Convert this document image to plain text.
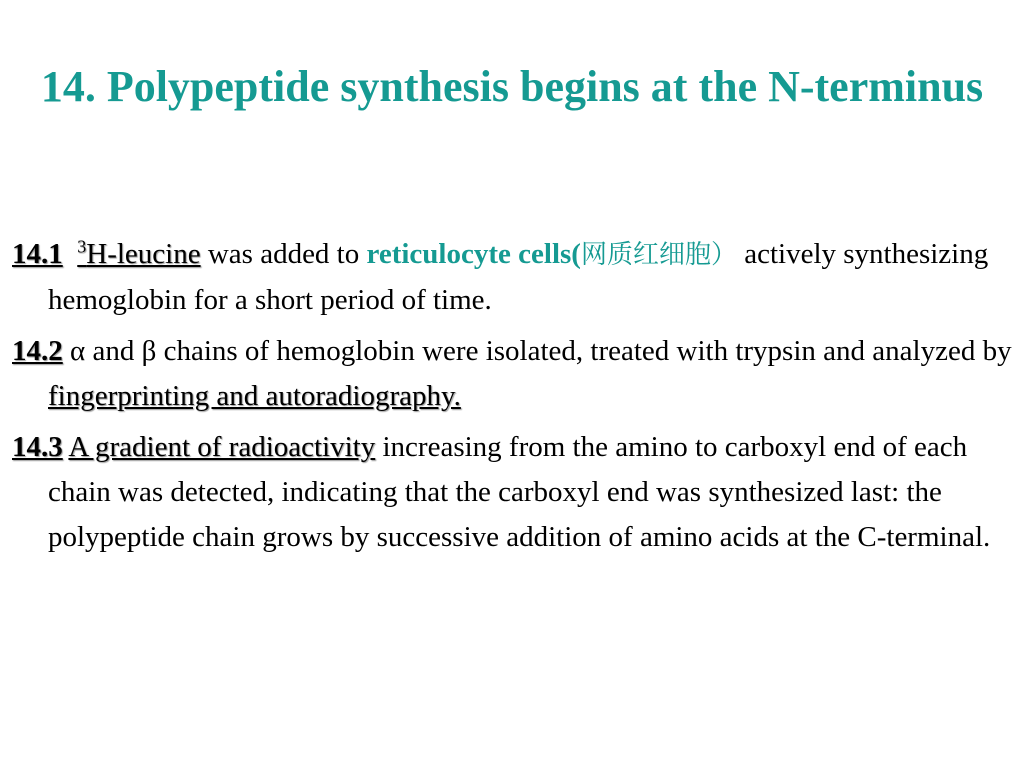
14. Polypeptide synthesis begins at the N-terminus

14.1 $^3$H-leucine was added to reticulocyte cells(网质红细胞） actively synthesizing hemoglobin for a short period of time.

14.2 α and β chains of hemoglobin were isolated, treated with trypsin and analyzed by fingerprinting and autoradiography.

14.3 A gradient of radioactivity increasing from the amino to carboxyl end of each chain was detected, indicating that the carboxyl end was synthesized last: the polypeptide chain grows by successive addition of amino acids at the C-terminal.
